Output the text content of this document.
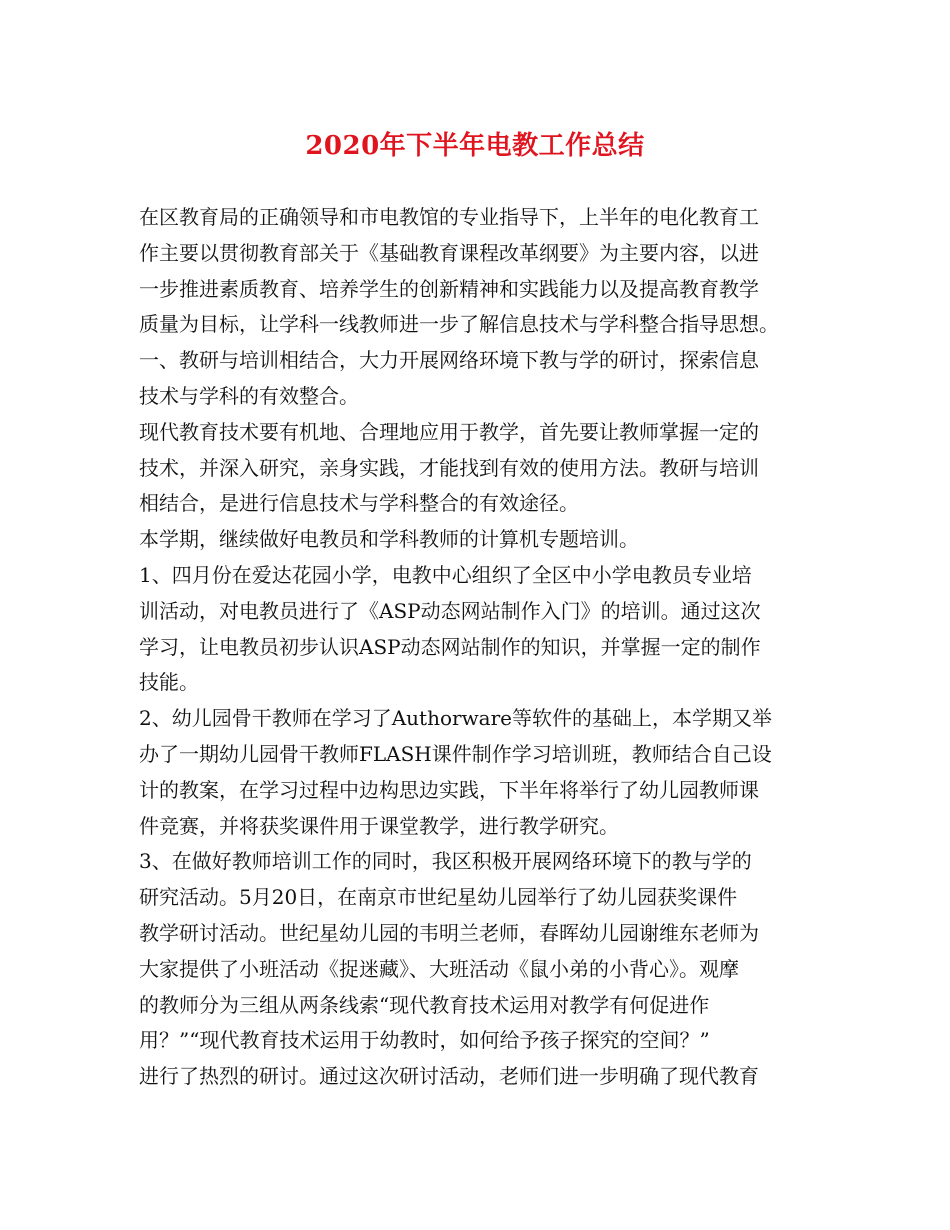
2020年下半年电教工作总结
在区教育局的正确领导和市电教馆的专业指导下，上半年的电化教育工
作主要以贯彻教育部关于《基础教育课程改革纲要》为主要内容，以进
一步推进素质教育、培养学生的创新精神和实践能力以及提高教育教学
质量为目标，让学科一线教师进一步了解信息技术与学科整合指导思想。
一、教研与培训相结合，大力开展网络环境下教与学的研讨，探索信息
技术与学科的有效整合。
现代教育技术要有机地、合理地应用于教学，首先要让教师掌握一定的
技术，并深入研究，亲身实践，才能找到有效的使用方法。教研与培训
相结合，是进行信息技术与学科整合的有效途径。
本学期，继续做好电教员和学科教师的计算机专题培训。
1、四月份在爱达花园小学，电教中心组织了全区中小学电教员专业培
训活动，对电教员进行了《ASP动态网站制作入门》的培训。通过这次
学习，让电教员初步认识ASP动态网站制作的知识，并掌握一定的制作
技能。
2、幼儿园骨干教师在学习了Authorware等软件的基础上，本学期又举
办了一期幼儿园骨干教师FLASH课件制作学习培训班，教师结合自己设
计的教案，在学习过程中边构思边实践，下半年将举行了幼儿园教师课
件竞赛，并将获奖课件用于课堂教学，进行教学研究。
3、在做好教师培训工作的同时，我区积极开展网络环境下的教与学的
研究活动。5月20日，在南京市世纪星幼儿园举行了幼儿园获奖课件
教学研讨活动。世纪星幼儿园的韦明兰老师，春晖幼儿园谢维东老师为
大家提供了小班活动《捉迷藏》、大班活动《鼠小弟的小背心》。观摩
的教师分为三组从两条线索“现代教育技术运用对教学有何促进作
用？”“现代教育技术运用于幼教时，如何给予孩子探究的空间？”
进行了热烈的研讨。通过这次研讨活动，老师们进一步明确了现代教育
